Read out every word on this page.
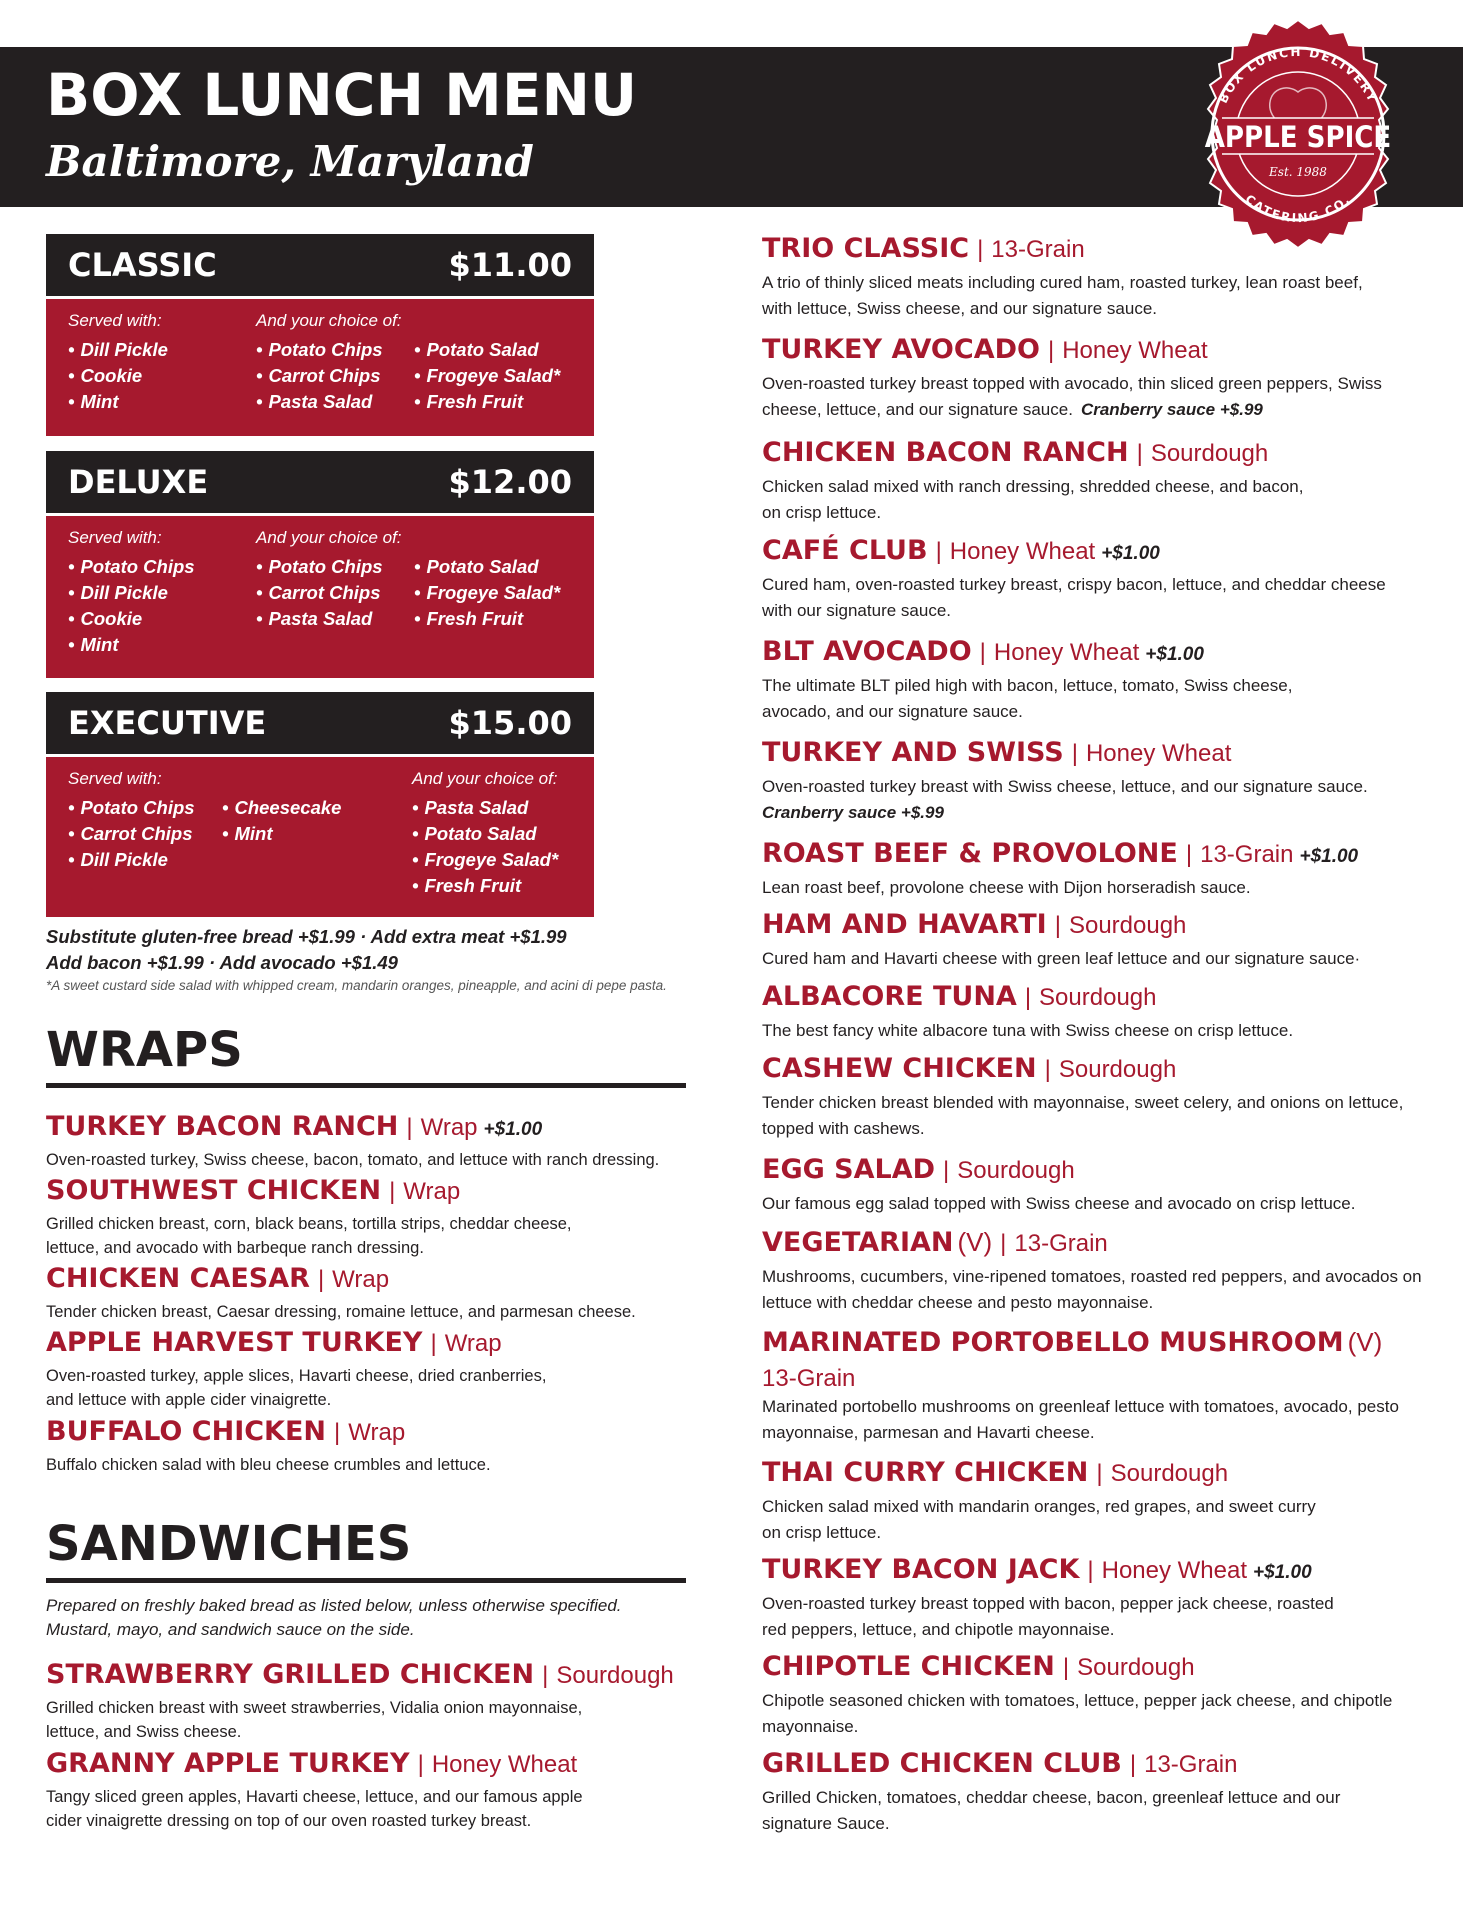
BOX LUNCH MENU
Baltimore, Maryland
BOX LUNCH DELIVERY
CATERING CO.
APPLE SPICE
Est. 1988
CLASSIC	$11.00
Served with:	And your choice of:
• Dill Pickle
• Cookie
• Mint
• Potato Chips
• Carrot Chips
• Pasta Salad
• Potato Salad
• Frogeye Salad*
• Fresh Fruit
DELUXE	$12.00
Served with:	And your choice of:
• Potato Chips
• Dill Pickle
• Cookie
• Mint
• Potato Chips
• Carrot Chips
• Pasta Salad
• Potato Salad
• Frogeye Salad*
• Fresh Fruit
EXECUTIVE	$15.00
Served with:	And your choice of:
• Potato Chips
• Carrot Chips
• Dill Pickle
• Cheesecake
• Mint
• Pasta Salad
• Potato Salad
• Frogeye Salad*
• Fresh Fruit
Substitute gluten-free bread +$1.99 · Add extra meat +$1.99
Add bacon +$1.99 · Add avocado +$1.49
*A sweet custard side salad with whipped cream, mandarin oranges, pineapple, and acini di pepe pasta.
WRAPS
TURKEY BACON RANCH | Wrap +$1.00
Oven-roasted turkey, Swiss cheese, bacon, tomato, and lettuce with ranch dressing.
SOUTHWEST CHICKEN | Wrap
Grilled chicken breast, corn, black beans, tortilla strips, cheddar cheese,
lettuce, and avocado with barbeque ranch dressing.
CHICKEN CAESAR | Wrap
Tender chicken breast, Caesar dressing, romaine lettuce, and parmesan cheese.
APPLE HARVEST TURKEY | Wrap
Oven-roasted turkey, apple slices, Havarti cheese, dried cranberries,
and lettuce with apple cider vinaigrette.
BUFFALO CHICKEN | Wrap
Buffalo chicken salad with bleu cheese crumbles and lettuce.
SANDWICHES
Prepared on freshly baked bread as listed below, unless otherwise specified.
Mustard, mayo, and sandwich sauce on the side.
STRAWBERRY GRILLED CHICKEN | Sourdough
Grilled chicken breast with sweet strawberries, Vidalia onion mayonnaise,
lettuce, and Swiss cheese.
GRANNY APPLE TURKEY | Honey Wheat
Tangy sliced green apples, Havarti cheese, lettuce, and our famous apple
cider vinaigrette dressing on top of our oven roasted turkey breast.
TRIO CLASSIC | 13-Grain
A trio of thinly sliced meats including cured ham, roasted turkey, lean roast beef,
with lettuce, Swiss cheese, and our signature sauce.
TURKEY AVOCADO | Honey Wheat
Oven-roasted turkey breast topped with avocado, thin sliced green peppers, Swiss
cheese, lettuce, and our signature sauce. Cranberry sauce +$.99
CHICKEN BACON RANCH | Sourdough
Chicken salad mixed with ranch dressing, shredded cheese, and bacon,
on crisp lettuce.
CAFÉ CLUB | Honey Wheat +$1.00
Cured ham, oven-roasted turkey breast, crispy bacon, lettuce, and cheddar cheese
with our signature sauce.
BLT AVOCADO | Honey Wheat +$1.00
The ultimate BLT piled high with bacon, lettuce, tomato, Swiss cheese,
avocado, and our signature sauce.
TURKEY AND SWISS | Honey Wheat
Oven-roasted turkey breast with Swiss cheese, lettuce, and our signature sauce.
Cranberry sauce +$.99
ROAST BEEF & PROVOLONE | 13-Grain +$1.00
Lean roast beef, provolone cheese with Dijon horseradish sauce.
HAM AND HAVARTI | Sourdough
Cured ham and Havarti cheese with green leaf lettuce and our signature sauce·
ALBACORE TUNA | Sourdough
The best fancy white albacore tuna with Swiss cheese on crisp lettuce.
CASHEW CHICKEN | Sourdough
Tender chicken breast blended with mayonnaise, sweet celery, and onions on lettuce,
topped with cashews.
EGG SALAD | Sourdough
Our famous egg salad topped with Swiss cheese and avocado on crisp lettuce.
VEGETARIAN (V) | 13-Grain
Mushrooms, cucumbers, vine-ripened tomatoes, roasted red peppers, and avocados on
lettuce with cheddar cheese and pesto mayonnaise.
MARINATED PORTOBELLO MUSHROOM (V)
13-Grain
Marinated portobello mushrooms on greenleaf lettuce with tomatoes, avocado, pesto
mayonnaise, parmesan and Havarti cheese.
THAI CURRY CHICKEN | Sourdough
Chicken salad mixed with mandarin oranges, red grapes, and sweet curry
on crisp lettuce.
TURKEY BACON JACK | Honey Wheat +$1.00
Oven-roasted turkey breast topped with bacon, pepper jack cheese, roasted
red peppers, lettuce, and chipotle mayonnaise.
CHIPOTLE CHICKEN | Sourdough
Chipotle seasoned chicken with tomatoes, lettuce, pepper jack cheese, and chipotle
mayonnaise.
GRILLED CHICKEN CLUB | 13-Grain
Grilled Chicken, tomatoes, cheddar cheese, bacon, greenleaf lettuce and our
signature Sauce.
